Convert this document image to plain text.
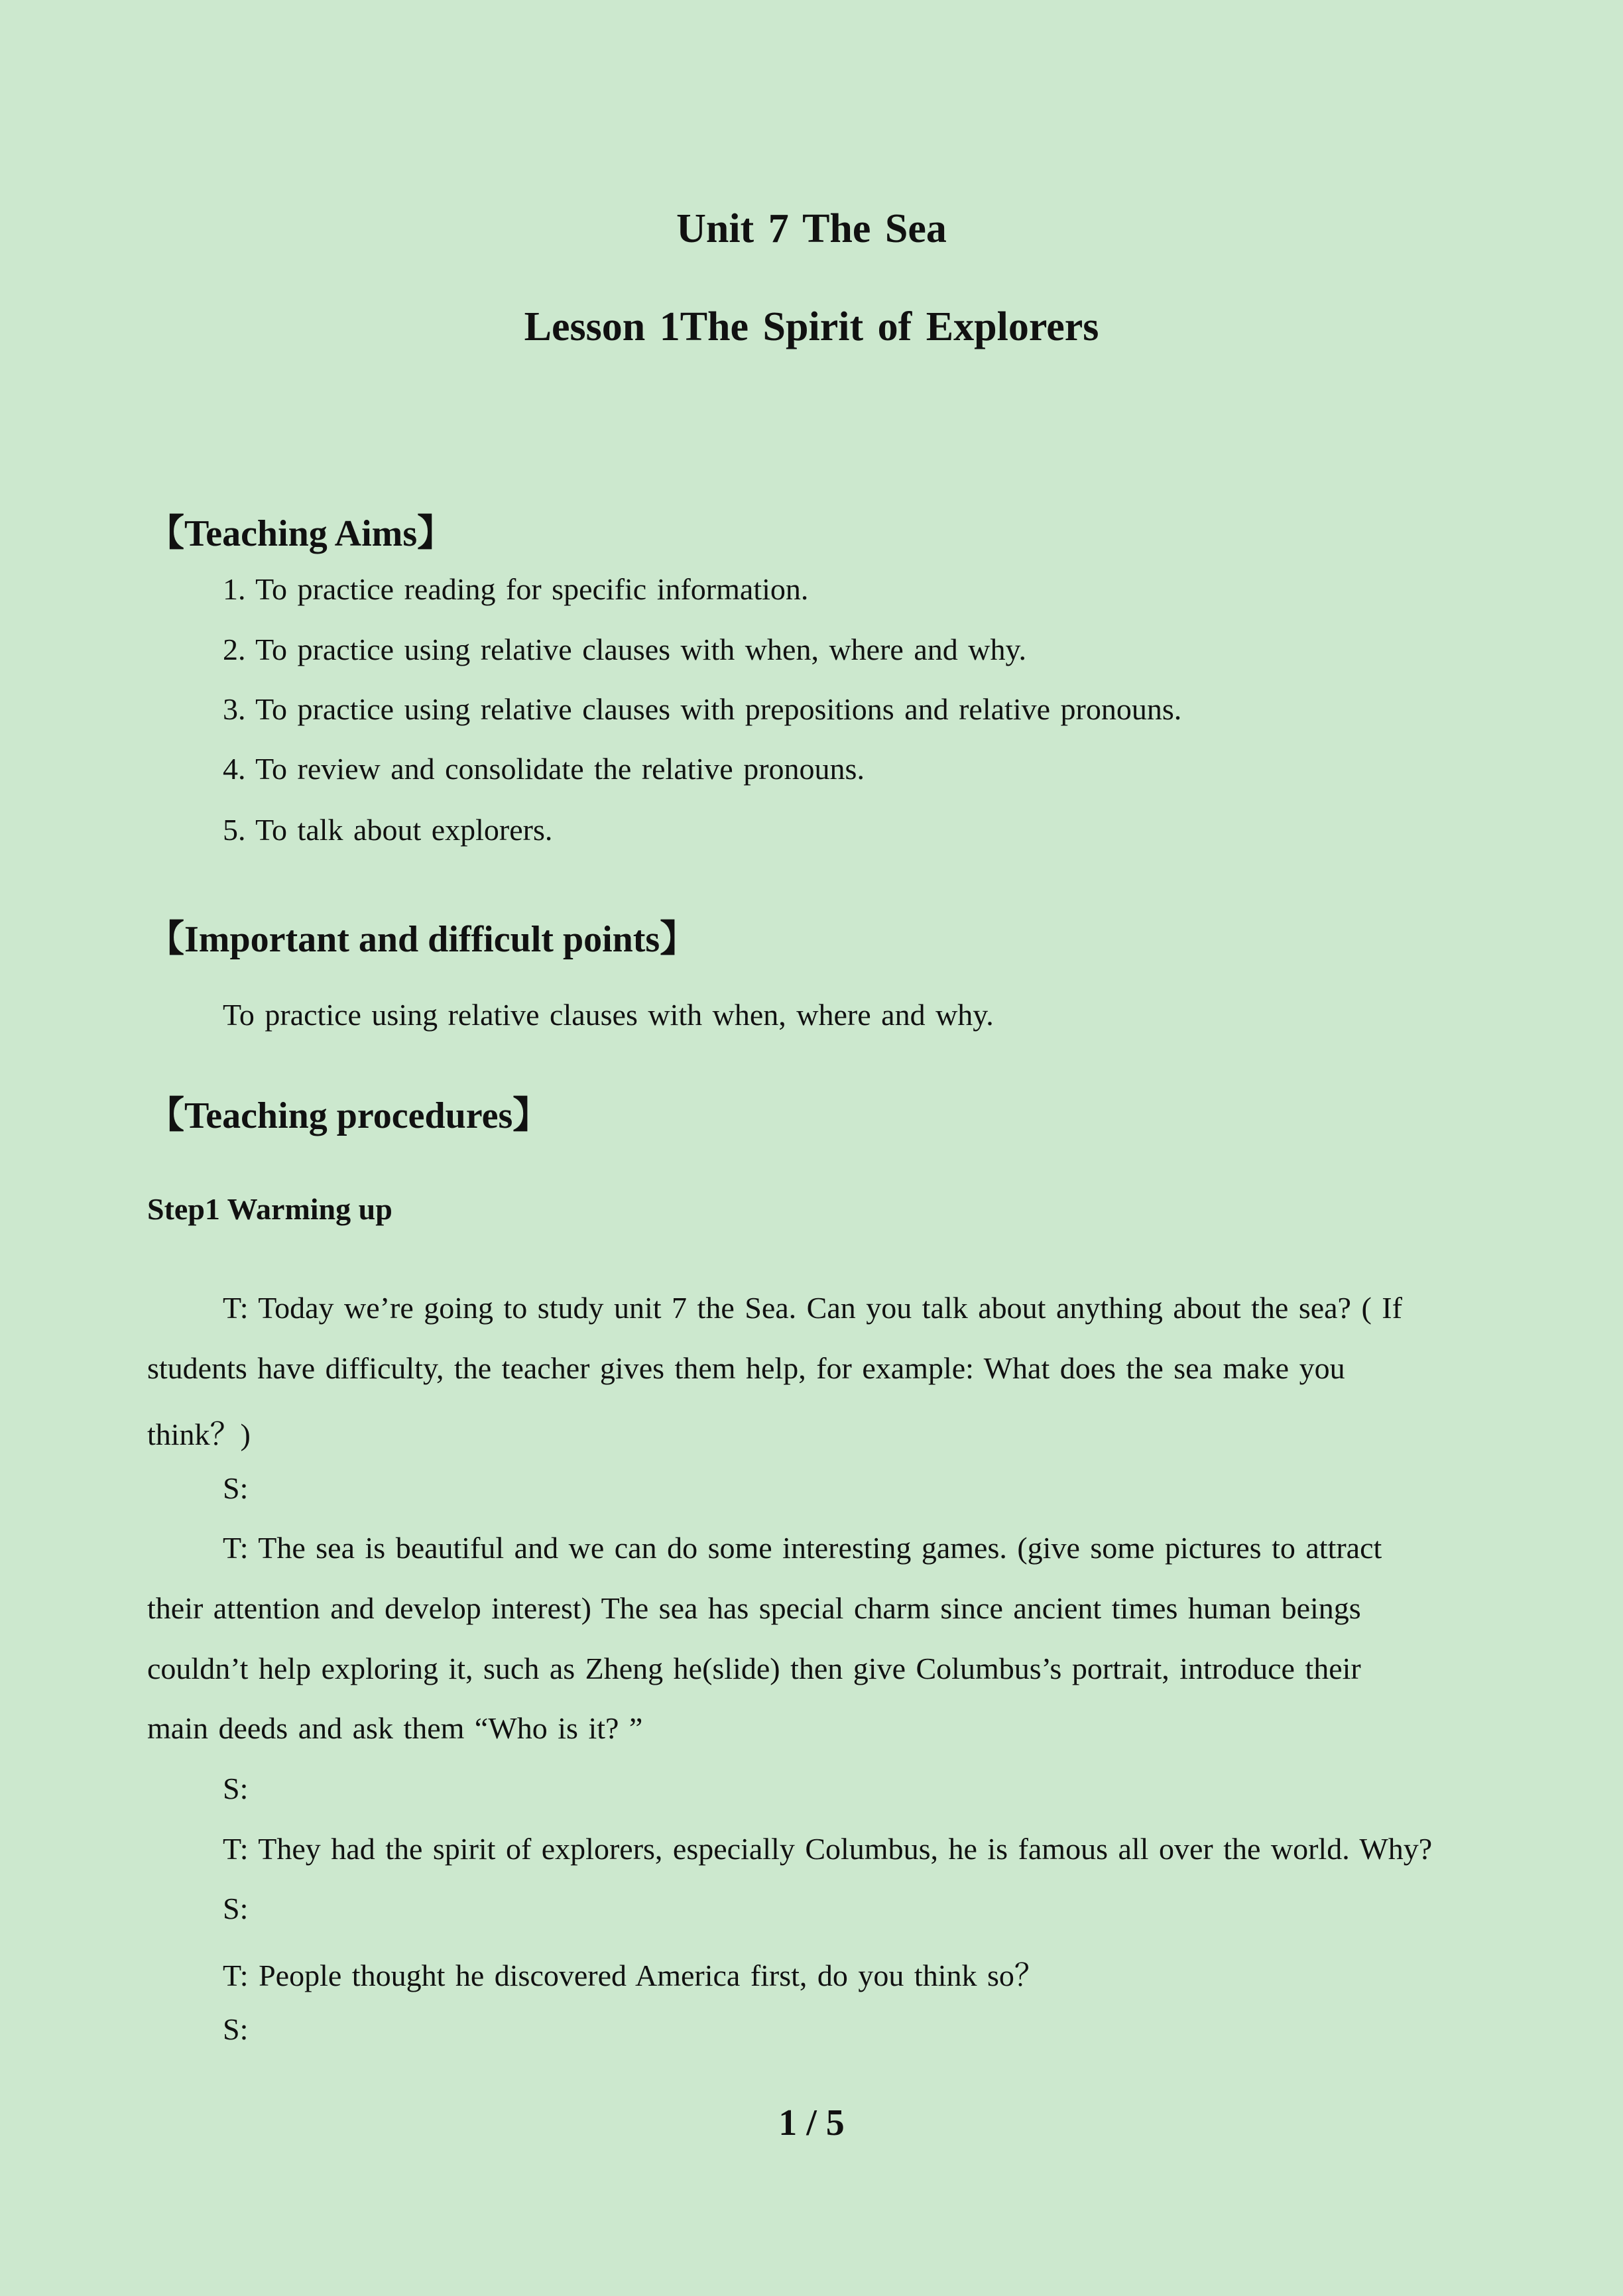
Unit 7 The Sea
Lesson 1The Spirit of Explorers
【Teaching Aims】
1. To practice reading for specific information.
2. To practice using relative clauses with when, where and why.
3. To practice using relative clauses with prepositions and relative pronouns.
4. To review and consolidate the relative pronouns.
5. To talk about explorers.
【Important and difficult points】
To practice using relative clauses with when, where and why.
【Teaching procedures】
Step1 Warming up
T: Today we’re going to study unit 7 the Sea. Can you talk about anything about the sea? ( If
students have difficulty, the teacher gives them help, for example: What does the sea make you
think？)
S:
T: The sea is beautiful and we can do some interesting games. (give some pictures to attract
their attention and develop interest) The sea has special charm since ancient times human beings
couldn’t help exploring it, such as Zheng he(slide) then give Columbus’s portrait, introduce their
main deeds and ask them “Who is it? ”
S:
T: They had the spirit of explorers, especially Columbus, he is famous all over the world. Why?
S:
T: People thought he discovered America first, do you think so？
S:
1 / 5
